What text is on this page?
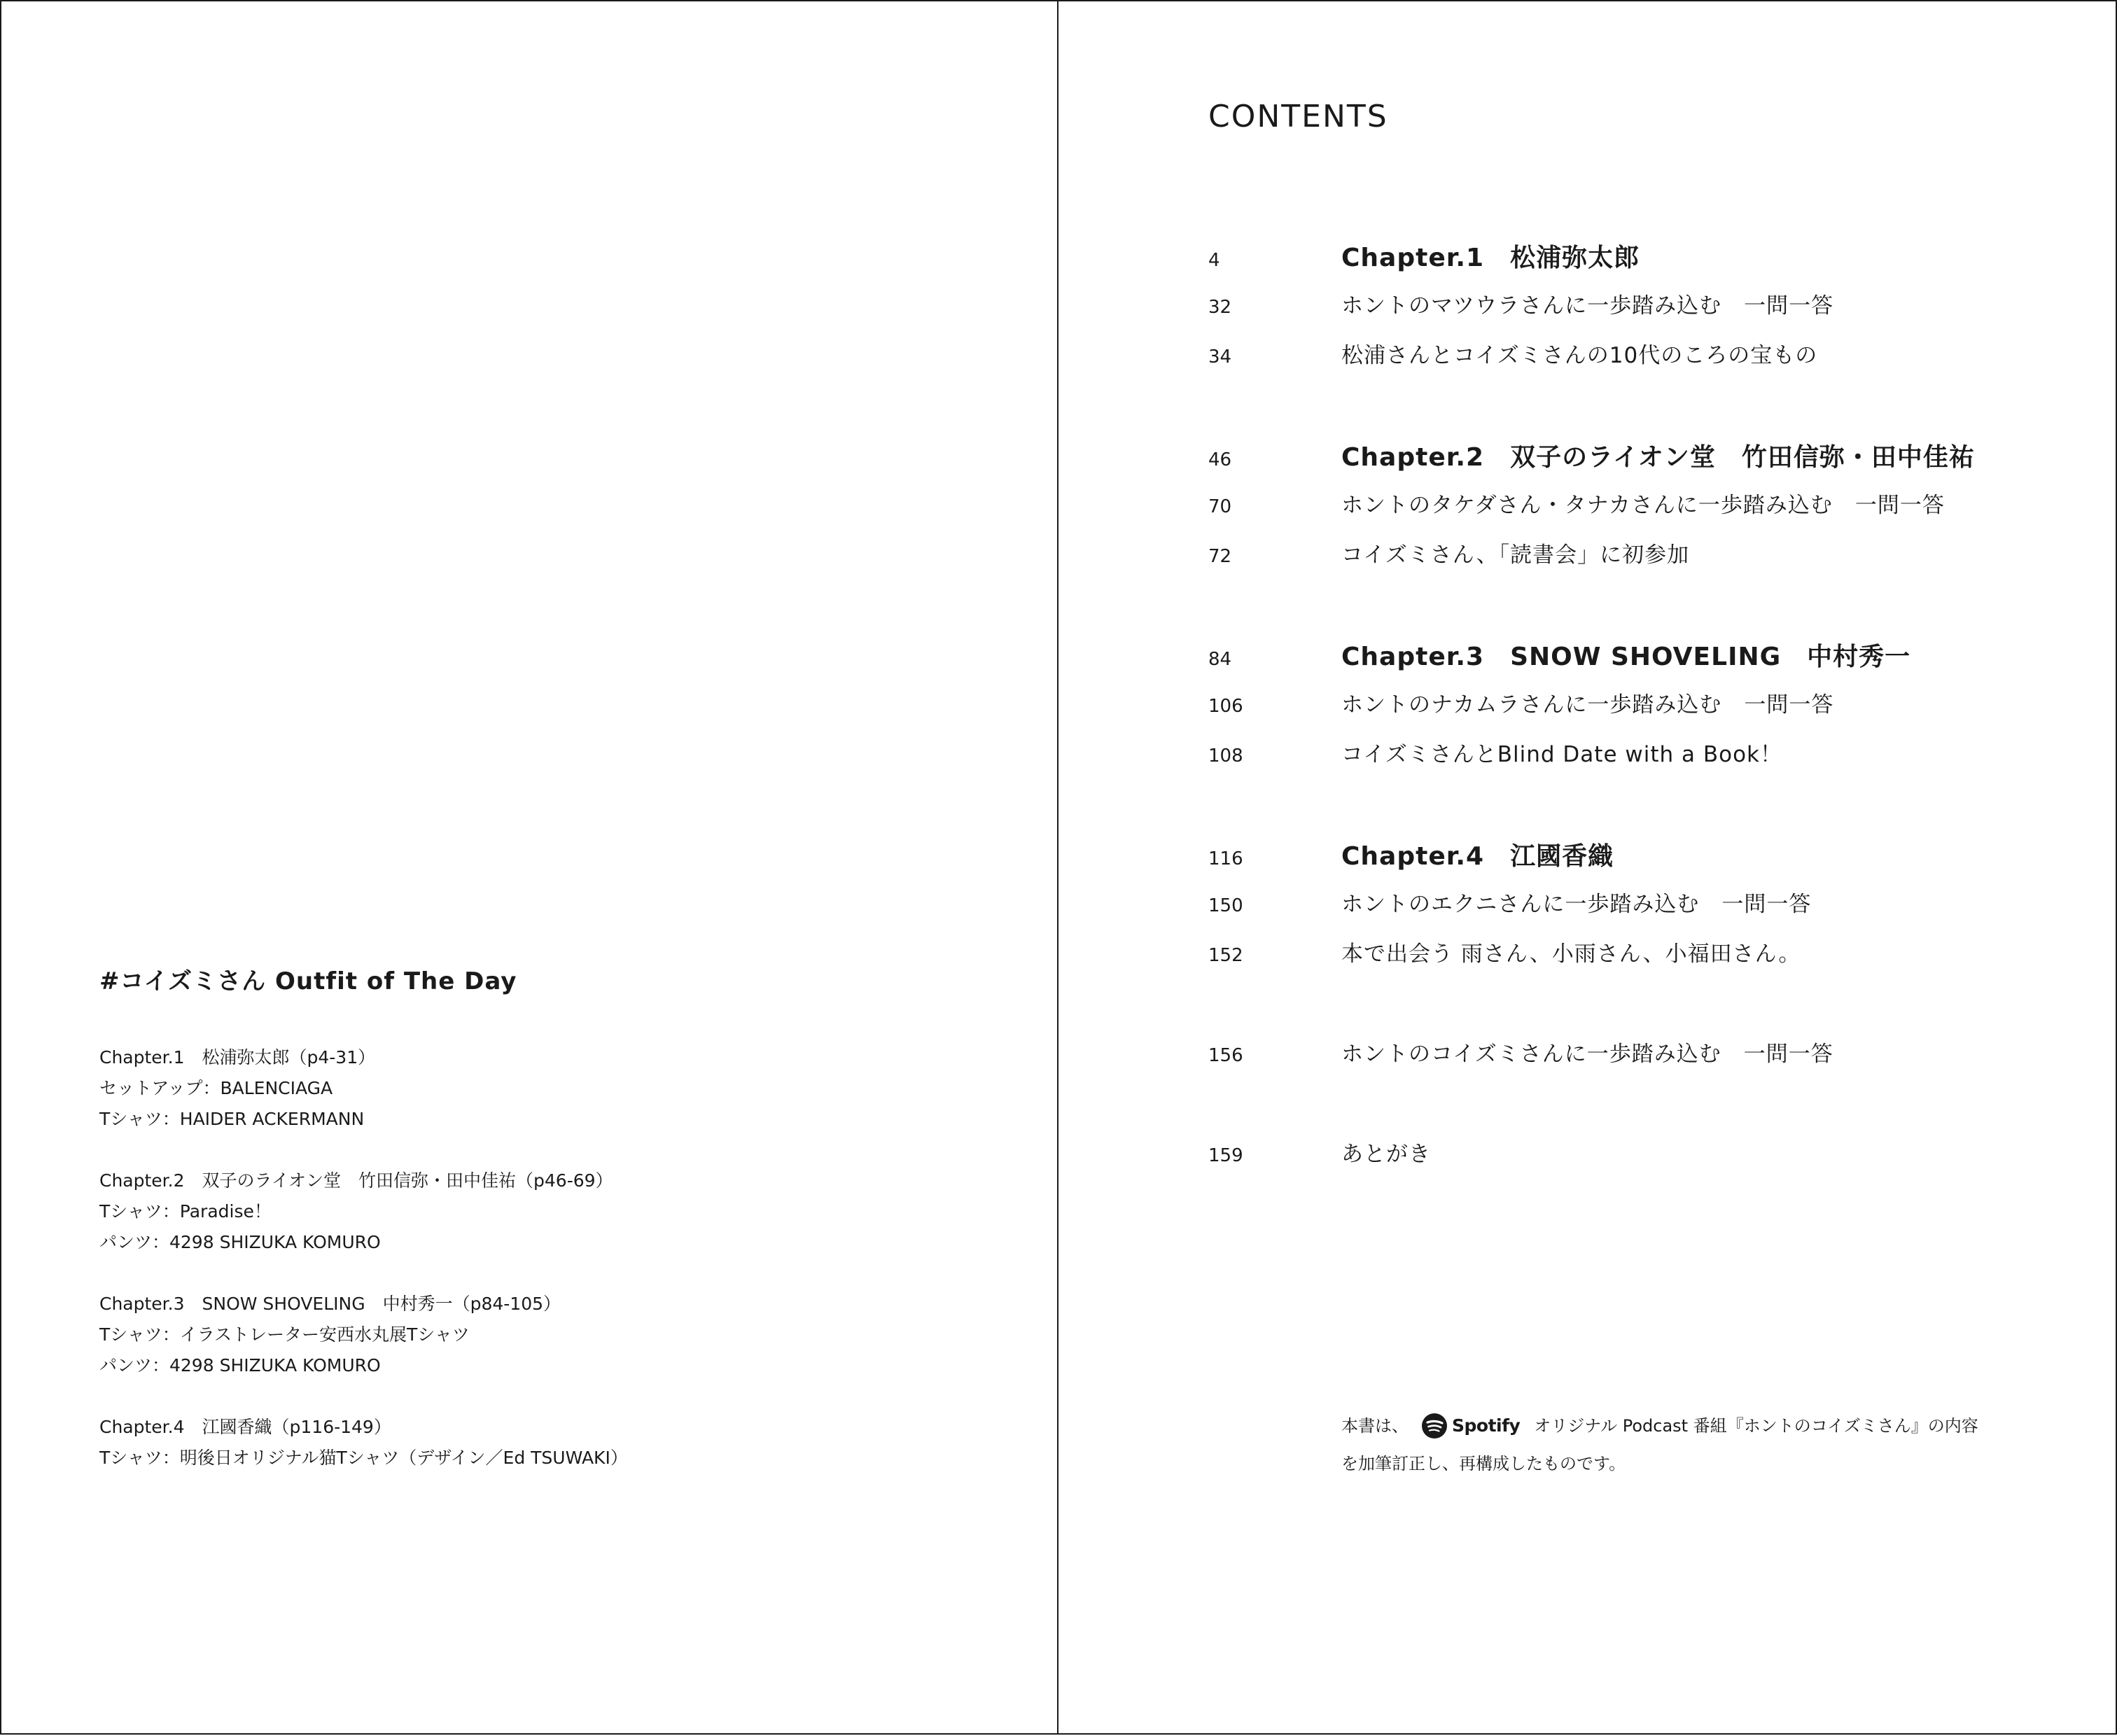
#コイズミさん Outfit of The Day
Chapter.1　松浦弥太郎（p4-31）
セットアップ：BALENCIAGA
Tシャツ：HAIDER ACKERMANN
Chapter.2　双子のライオン堂　竹田信弥・田中佳祐（p46-69）
Tシャツ：Paradise！
パンツ：4298 SHIZUKA KOMURO
Chapter.3　SNOW SHOVELING　中村秀一（p84-105）
Tシャツ：イラストレーター安西水丸展Tシャツ
パンツ：4298 SHIZUKA KOMURO
Chapter.4　江國香織（p116-149）
Tシャツ：明後日オリジナル猫Tシャツ（デザイン／Ed TSUWAKI）
CONTENTS
4	Chapter.1　松浦弥太郎
32	ホントのマツウラさんに一歩踏み込む　一問一答
34	松浦さんとコイズミさんの10代のころの宝もの
46	Chapter.2　双子のライオン堂　竹田信弥・田中佳祐
70	ホントのタケダさん・タナカさんに一歩踏み込む　一問一答
72	コイズミさん、「読書会」に初参加
84	Chapter.3　SNOW SHOVELING　中村秀一
106	ホントのナカムラさんに一歩踏み込む　一問一答
108	コイズミさんとBlind Date with a Book！
116	Chapter.4　江國香織
150	ホントのエクニさんに一歩踏み込む　一問一答
152	本で出会う 雨さん、小雨さん、小福田さん。
156	ホントのコイズミさんに一歩踏み込む　一問一答
159	あとがき
本書は、 Spotify オリジナル Podcast 番組『ホントのコイズミさん』の内容
を加筆訂正し、再構成したものです。
